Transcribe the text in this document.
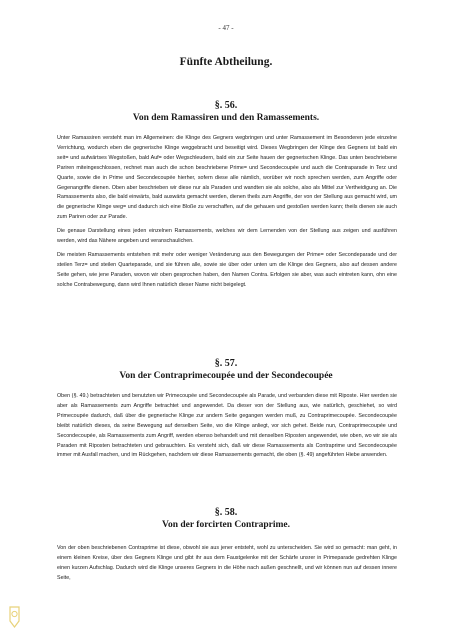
- 47 -
Fünfte Abtheilung.
§. 56.
Von dem Ramassiren und den Ramassements.

Unter Ramassiren versteht man im Allgemeinen: die Klinge des Gegners wegbringen und unter Ramassement im Besonderen jede einzelne Verrichtung, wodurch eben die gegnerische Klinge weggebracht und beseitigt wird. Dieses Wegbringen der Klinge des Gegners ist bald ein seit= und aufwärtses Wegstoßen, bald Auf= oder Wegschleudern, bald ein zur Seite hauen der gegnerischen Klinge. Das unten beschriebene Pariren miteingeschlossen, rechnet man auch die schon beschriebene Prime= und Secondecoupée und auch die Contraparade in Terz und Quarte, sowie die in Prime und Secondecoupée hierher, sofern diese alle nämlich, worüber wir noch sprechen werden, zum Angriffe oder Gegenangriffe dienen. Oben aber beschrieben wir diese nur als Paraden und wandten sie als solche, also als Mittel zur Vertheidigung an. Die Ramassements also, die bald einwärts, bald auswärts gemacht werden, dienen theils zum Angriffe, der von der Stellung aus gemacht wird, um die gegnerische Klinge weg= und dadurch sich eine Bloße zu verschaffen, auf die gehauen und gestoßen werden kann; theils dienen sie auch zum Pariren oder zur Parade.

Die genaue Darstellung eines jeden einzelnen Ramassements, welches wir dem Lernenden von der Stellung aus zeigen und ausführen werden, wird das Nähere angeben und veranschaulichen.

Die meisten Ramassements entstehen mit mehr oder weniger Veränderung aus den Bewegungen der Prime= oder Secondeparade und der steilen Terz= und steilen Quarteparade, und sie führen alle, sowie sie über oder unten um die Klinge des Gegners, also auf dessen andere Seite gehen, wie jene Paraden, wovon wir oben gesprochen haben, den Namen Contra. Erfolgen sie aber, was auch eintreten kann, ohn eine solche Contrabewegung, dann wird Ihnen natürlich dieser Name nicht beigelegt.

§. 57.
Von der Contraprimecoupée und der Secondecoupée

Oben (§. 49.) betrachteten und benutzten wir Primecoupée und Secondecoupée als Parade, und verbanden diese mit Riposte. Hier werden sie aber als Ramassements zum Angriffe betrachtet und angewendet. Da dieser von der Stellung aus, wie natürlich, geschiehet, so wird Primecoupée dadurch, daß über die gegnerische Klinge zur andern Seite gegangen werden muß, zu Contraprimecoupée. Secondecoupée bleibt natürlich dieses, da seine Bewegung auf derselben Seite, wo die Klinge anliegt, vor sich gehet. Beide nun, Contraprimecoupée und Secondecoupée, als Ramassements zum Angriff, werden ebenso behandelt und mit denselben Riposten angewendet, wie oben, wo wir sie als Paraden mit Riposten betrachteten und gebrauchten. Es versteht sich, daß wir diese Ramassements als Contraprime und Secondecoupée immer mit Ausfall machen, und im Rückgehen, nachdem wir diese Ramassements gemacht, die oben (§. 49) angeführten Hiebe anwenden.

§. 58.
Von der forcirten Contraprime.

Von der oben beschriebenen Contraprime ist diese, obwohl sie aus jener entsteht, wohl zu unterscheiden. Sie wird so gemacht: man geht, in einem kleinen Kreise, über des Gegners Klinge und gibt ihr aus dem Faustgelenke mit der Schärfe unsrer in Primeparade gedrehten Klinge einen kurzen Aufschlag. Dadurch wird die Klinge unseres Gegners in die Höhe nach außen geschnellt, und wir können nun auf dessen innere Seite,
